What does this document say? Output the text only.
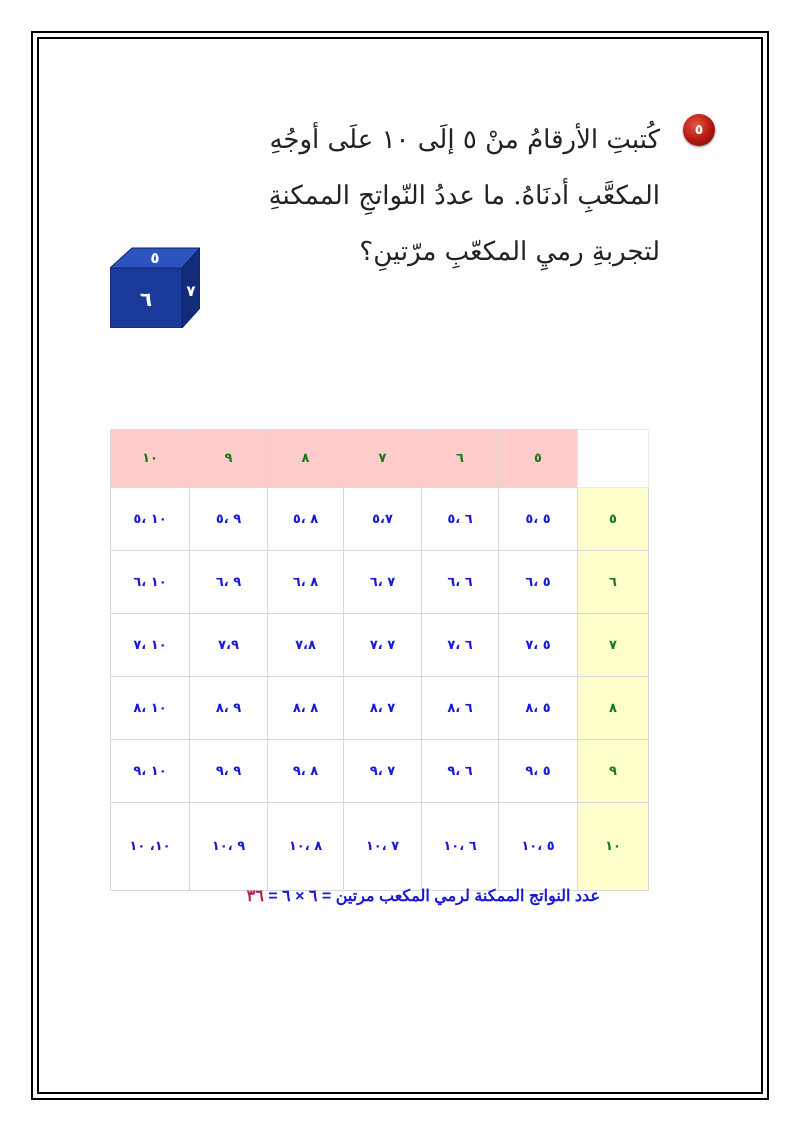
٥
كُتبتِ الأرقامُ منْ ٥ إلَى ١٠ علَى أوجُهِ
المكعَّبِ أدنَاهُ. ما عددُ النّواتجِ الممكنةِ
لتجربةِ رميِ المكعّبِ مرّتينِ؟
٥
٦ ٧
	٥	٦	٧	٨	٩	١٠
٥	٥ ،٥	٦ ،٥	٥،٧	٨ ،٥	٩ ،٥	١٠ ،٥
٦	٥ ،٦	٦ ،٦	٧ ،٦	٨ ،٦	٩ ،٦	١٠ ،٦
٧	٥ ،٧	٦ ،٧	٧ ،٧	٧،٨	٧،٩	١٠ ،٧
٨	٥ ،٨	٦ ،٨	٧ ،٨	٨ ،٨	٩ ،٨	١٠ ،٨
٩	٥ ،٩	٦ ،٩	٧ ،٩	٨ ،٩	٩ ،٩	١٠ ،٩
١٠	٥ ،١٠	٦ ،١٠	٧ ،١٠	٨ ،١٠	٩ ،١٠	١٠، ١٠
عدد النواتج الممكنة لرمي المكعب مرتين = ٦ × ٦ = ٣٦
